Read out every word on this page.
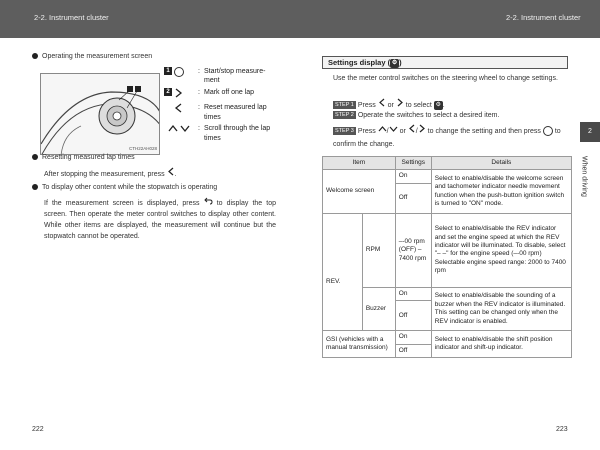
2-2. Instrument cluster	2-2. Instrument cluster
Operating the measurement screen
CTH22AH028
1	: Start/stop measure-ment
2	: Mark off one lap
: Reset measured lap times
: Scroll through the lap times
Resetting measured lap times
After stopping the measurement, press .
To display other content while the stopwatch is operating
If the measurement screen is displayed, press to display the top screen. Then operate the meter control switches to display other content. While other items are displayed, the measurement will continue but the stopwatch cannot be operated.
222
Settings display ( ⚙ )
Use the meter control switches on the steering wheel to change settings.
STEP 1 Press or to select ⚙ .
STEP 2 Operate the switches to select a desired item.
STEP 3 Press / or / to change the setting and then press to confirm the change.
Item		Settings	Details
Welcome screen		On	Select to enable/disable the welcome screen and tachometer indicator needle movement function when the push-button ignition switch is turned to "ON" mode.
		Off	
REV.	RPM	–-00 rpm (OFF) – 7400 rpm	Select to enable/disable the REV indicator and set the engine speed at which the REV indicator will be illuminated. To disable, select "– –" for the engine speed (–-00 rpm) Selectable engine speed range: 2000 to 7400 rpm
	Buzzer	On	Select to enable/disable the sounding of a buzzer when the REV indicator is illuminated. This setting can be changed only when the REV indicator is enabled.
		Off	
GSI (vehicles with a manual transmission)		On	Select to enable/disable the shift position indicator and shift-up indicator.
		Off	
2
When driving
223
